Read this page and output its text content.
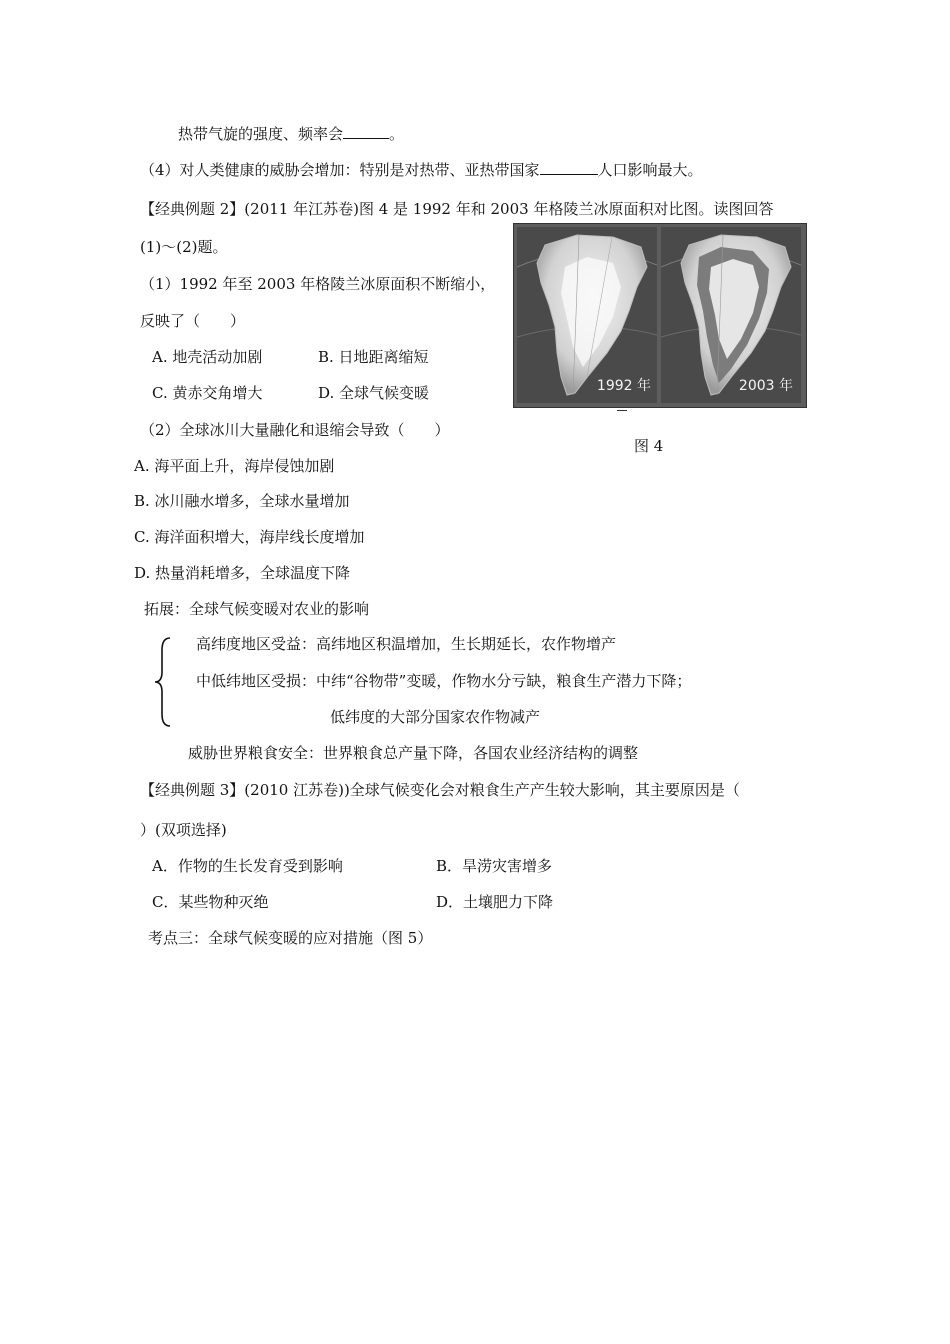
热带气旋的强度、频率会	。
（4）对人类健康的威胁会增加：特别是对热带、亚热带国家	人口影响最大。
【经典例题 2】(2011 年江苏卷)图 4 是 1992 年和 2003 年格陵兰冰原面积对比图。读图回答
(1)～(2)题。
（1）1992 年至 2003 年格陵兰冰原面积不断缩小，
反映了（　　）
A. 地壳活动加剧	B. 日地距离缩短
C. 黄赤交角增大	D. 全球气候变暖	1992 年	2003 年
图 4
（2）全球冰川大量融化和退缩会导致（　　）
A. 海平面上升，海岸侵蚀加剧
B. 冰川融水增多，全球水量增加
C. 海洋面积增大，海岸线长度增加
D. 热量消耗增多，全球温度下降
拓展：全球气候变暖对农业的影响
高纬度地区受益：高纬地区积温增加，生长期延长，农作物增产
中低纬地区受损：中纬“谷物带”变暖，作物水分亏缺，粮食生产潜力下降；
低纬度的大部分国家农作物减产
威胁世界粮食安全：世界粮食总产量下降，各国农业经济结构的调整
【经典例题 3】(2010 江苏卷))全球气候变化会对粮食生产产生较大影响，其主要原因是（
）(双项选择)
A．作物的生长发育受到影响	B．旱涝灾害增多
C．某些物种灭绝	D．土壤肥力下降
考点三：全球气候变暖的应对措施（图 5）
